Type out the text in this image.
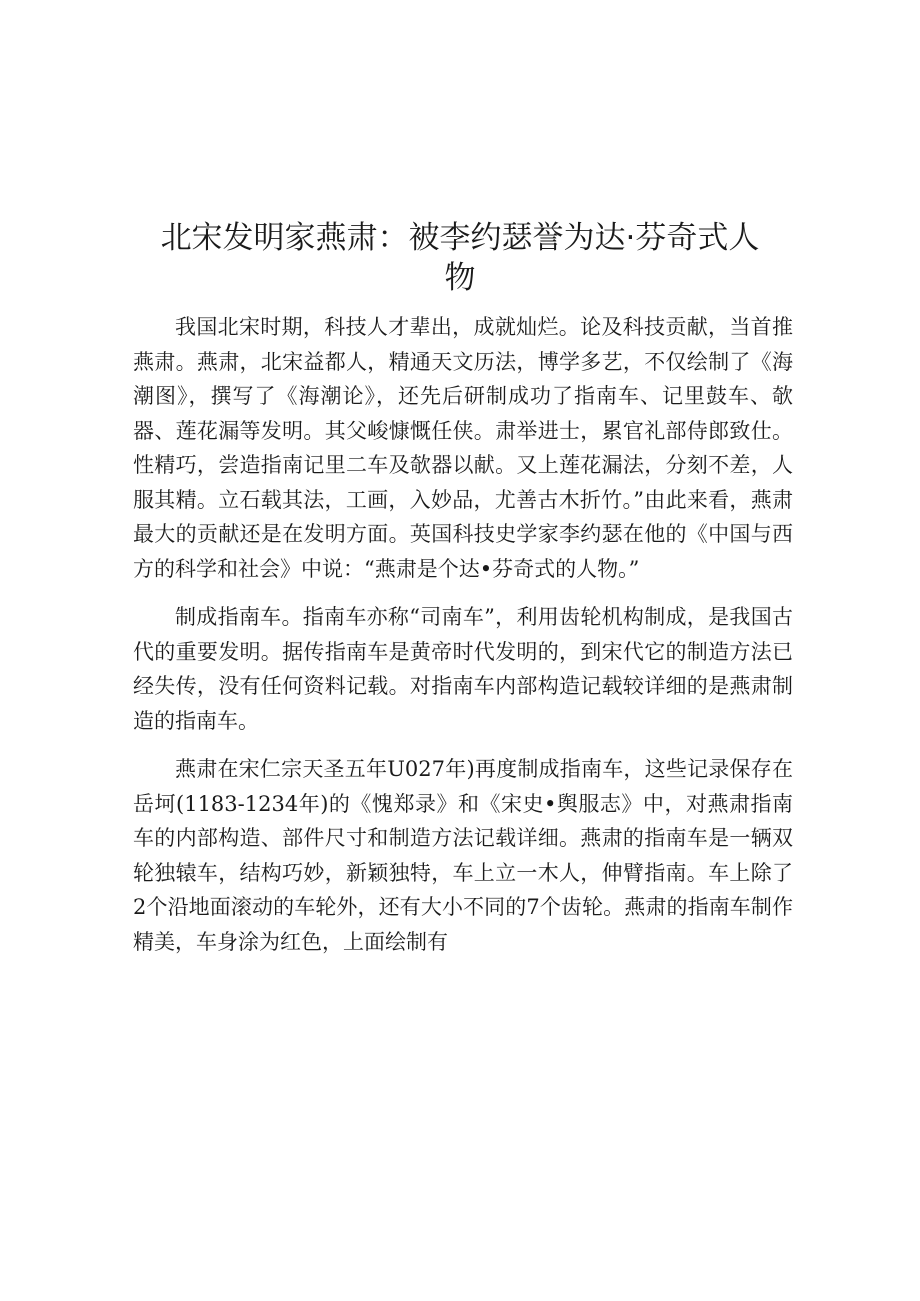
北宋发明家燕肃：被李约瑟誉为达·芬奇式人物

我国北宋时期，科技人才辈出，成就灿烂。论及科技贡献，当首推燕肃。燕肃，北宋益都人，精通天文历法，博学多艺，不仅绘制了《海潮图》，撰写了《海潮论》，还先后研制成功了指南车、记里鼓车、欹器、莲花漏等发明。其父峻慷慨任侠。肃举进士，累官礼部侍郎致仕。性精巧，尝造指南记里二车及欹器以献。又上莲花漏法，分刻不差，人服其精。立石载其法，工画，入妙品，尤善古木折竹。”由此来看，燕肃最大的贡献还是在发明方面。英国科技史学家李约瑟在他的《中国与西方的科学和社会》中说：“燕肃是个达•芬奇式的人物。”

制成指南车。指南车亦称“司南车”，利用齿轮机构制成，是我国古代的重要发明。据传指南车是黄帝时代发明的，到宋代它的制造方法已经失传，没有任何资料记载。对指南车内部构造记载较详细的是燕肃制造的指南车。

燕肃在宋仁宗天圣五年U027年)再度制成指南车，这些记录保存在岳坷(1183-1234年)的《愧郑录》和《宋史•舆服志》中，对燕肃指南车的内部构造、部件尺寸和制造方法记载详细。燕肃的指南车是一辆双轮独辕车，结构巧妙，新颖独特，车上立一木人，伸臂指南。车上除了2个沿地面滚动的车轮外，还有大小不同的7个齿轮。燕肃的指南车制作精美，车身涂为红色，上面绘制有
